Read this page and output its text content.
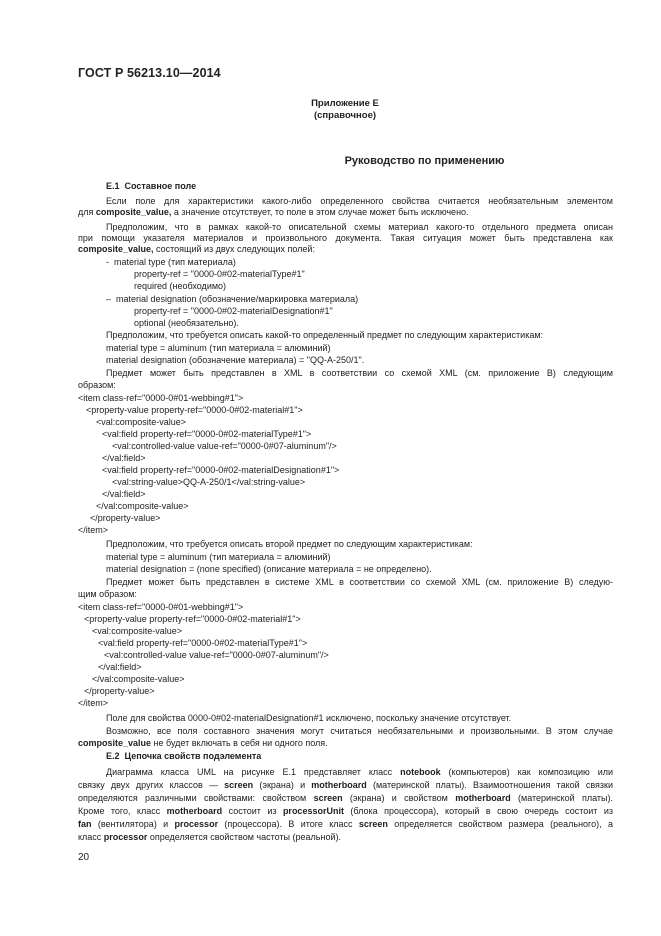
ГОСТ Р 56213.10—2014
Приложение Е
(справочное)
Руководство по применению
Е.1  Составное поле
Если поле для характеристики какого-либо определенного свойства считается необязательным элементом
для composite_value, а значение отсутствует, то поле в этом случае может быть исключено.
Предположим, что в рамках какой-то описательной схемы материал какого-то отдельного предмета описан
при помощи указателя материалов и произвольного документа. Такая ситуация может быть представлена как
composite_value, состоящий из двух следующих полей:
-  material type (тип материала)
property-ref = "0000-0#02-materialType#1"
required (необходимо)
–  material designation (обозначение/маркировка материала)
property-ref = "0000-0#02-materialDesignation#1"
optional (необязательно).
Предположим, что требуется описать какой-то определенный предмет по следующим характеристикам:
material type = aluminum (тип материала = алюминий)
material designation (обозначение материала) = "QQ-A-250/1".
Предмет может быть представлен в XML в соответствии со схемой XML (см. приложение В) следующим
образом:
<item class-ref="0000-0#01-webbing#1">
<property-value property-ref="0000-0#02-material#1">
<val:composite-value>
<val:field property-ref="0000-0#02-materialType#1">
<val:controlled-value value-ref="0000-0#07-aluminum"/>
</val:field>
<val:field property-ref="0000-0#02-materialDesignation#1">
<val:string-value>QQ-A-250/1</val:string-value>
</val:field>
</val:composite-value>
</property-value>
</item>
Предположим, что требуется описать второй предмет по следующим характеристикам:
material type = aluminum (тип материала = алюминий)
material designation = (none specified) (описание материала = не определено).
Предмет может быть представлен в системе XML в соответствии со схемой XML (см. приложение В) следую-
щим образом:
<item class-ref="0000-0#01-webbing#1">
<property-value property-ref="0000-0#02-material#1">
<val:composite-value>
<val:field property-ref="0000-0#02-materialType#1">
<val:controlled-value value-ref="0000-0#07-aluminum"/>
</val:field>
</val:composite-value>
</property-value>
</item>
Поле для свойства 0000-0#02-materialDesignation#1 исключено, поскольку значение отсутствует.
Возможно, все поля составного значения могут считаться необязательными и произвольными. В этом случае
composite_value не будет включать в себя ни одного поля.
Е.2  Цепочка свойств подэлемента
Диаграмма класса UML на рисунке Е.1 представляет класс notebook (компьютеров) как композицию или
связку двух других классов — screen (экрана) и motherboard (материнской платы). Взаимоотношения такой связки
определяются различными свойствами: свойством screen (экрана) и свойством motherboard (материнской платы).
Кроме того, класс motherboard состоит из processorUnit (блока процессора), который в свою очередь состоит из
fan (вентилятора) и processor (процессора). В итоге класс screen определяется свойством размера (реального), а
класс processor определяется свойством частоты (реальной).
20
